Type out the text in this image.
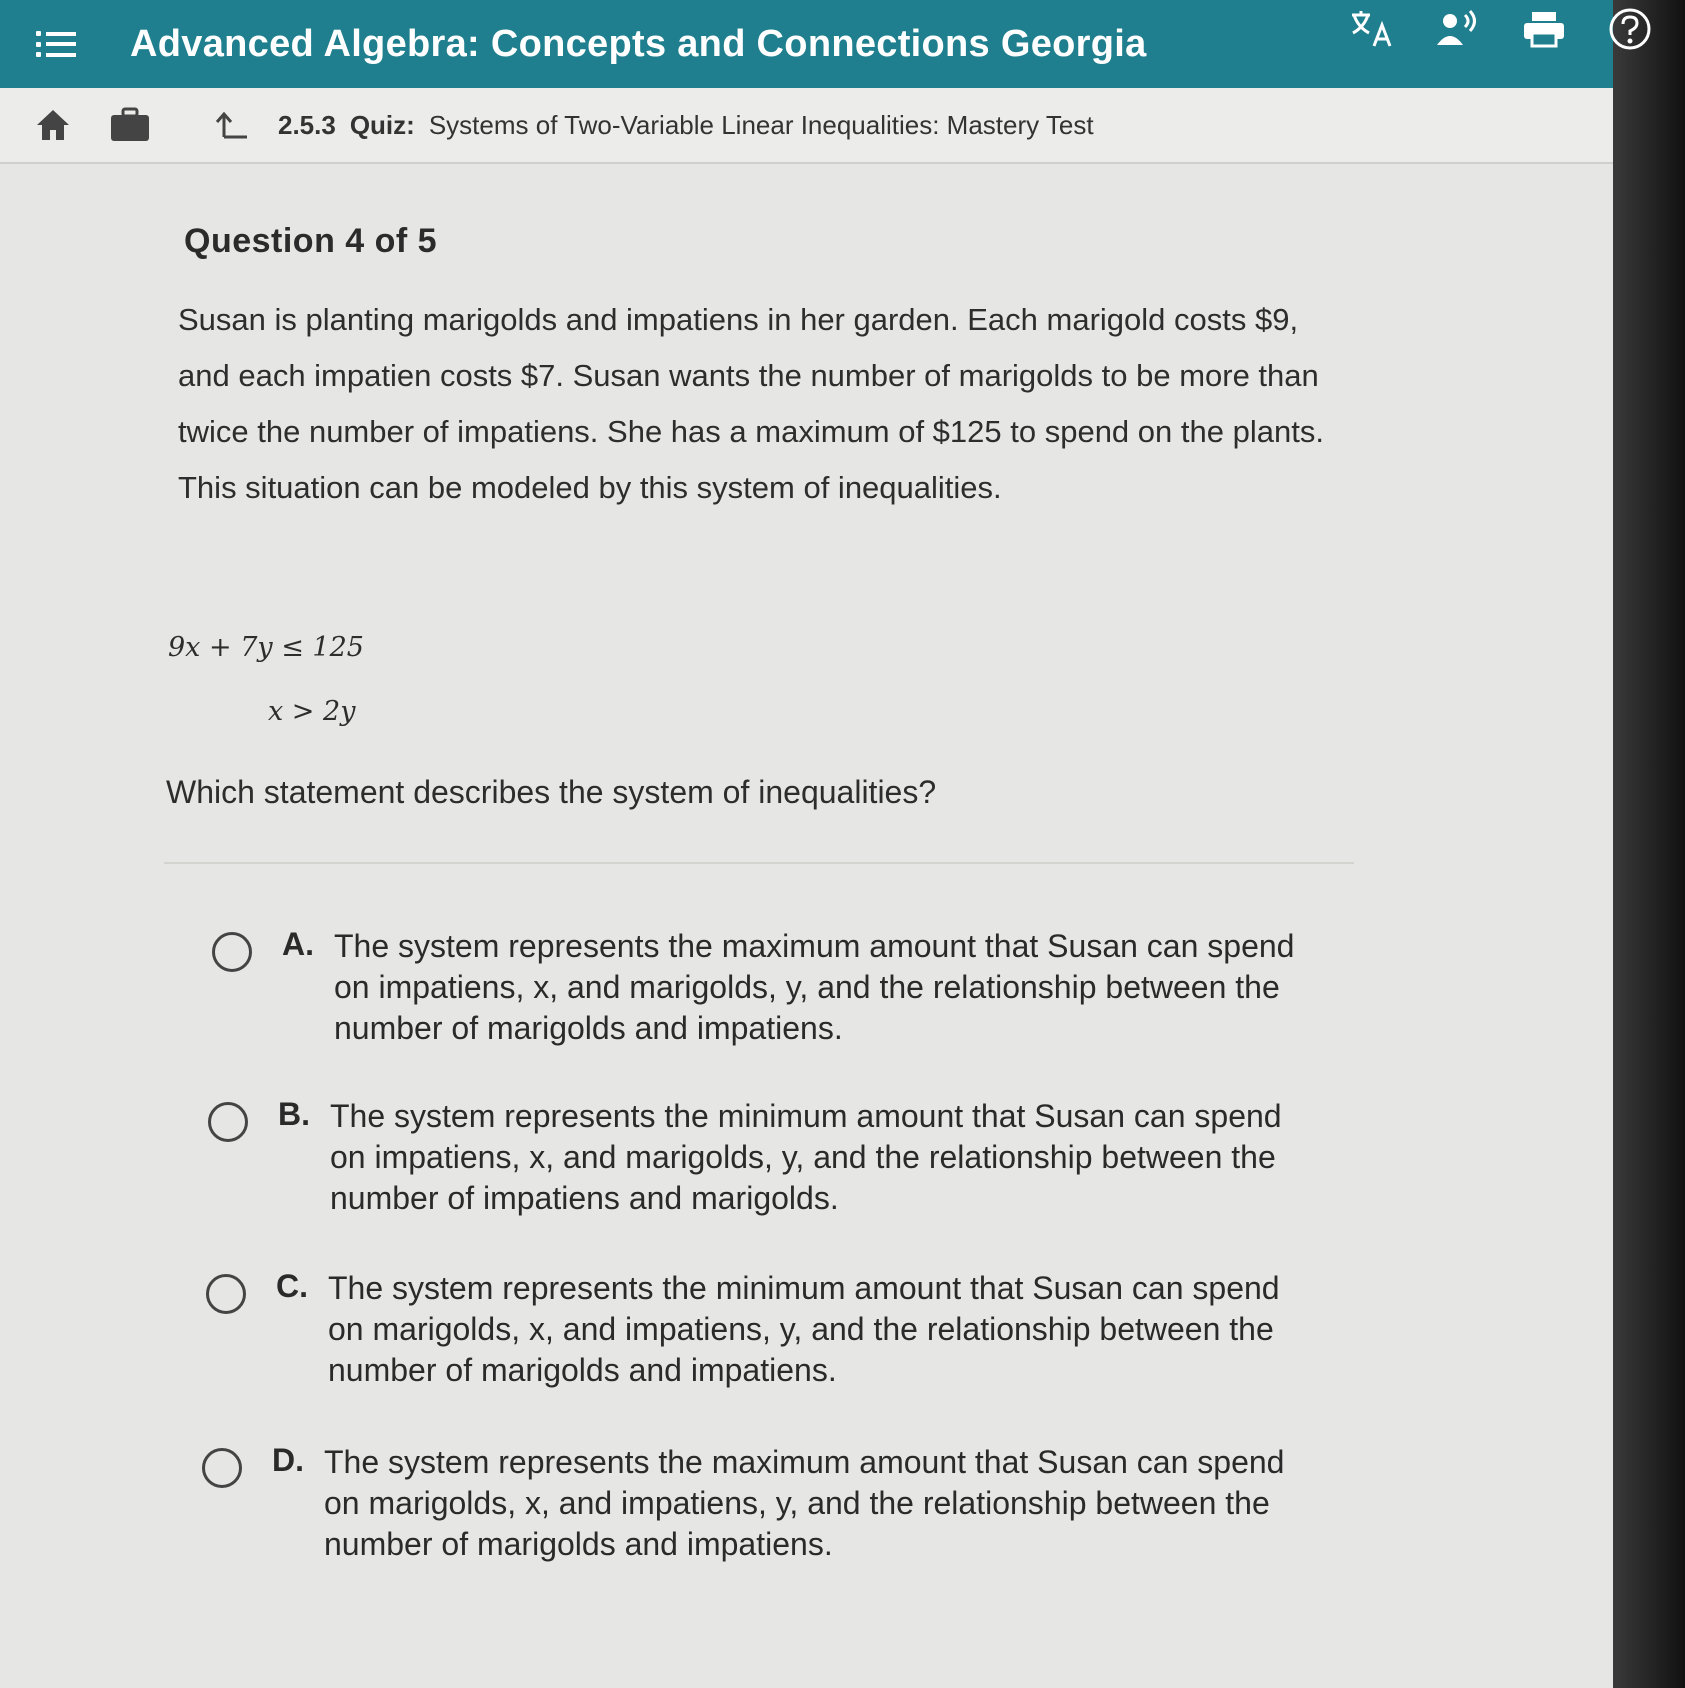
Advanced Algebra: Concepts and Connections Georgia
2.5.3 Quiz: Systems of Two-Variable Linear Inequalities: Mastery Test
Question 4 of 5
Susan is planting marigolds and impatiens in her garden. Each marigold costs $9, and each impatien costs $7. Susan wants the number of marigolds to be more than twice the number of impatiens. She has a maximum of $125 to spend on the plants. This situation can be modeled by this system of inequalities.
9x + 7y ≤ 125
x > 2y
Which statement describes the system of inequalities?
A. The system represents the maximum amount that Susan can spend on impatiens, x, and marigolds, y, and the relationship between the number of marigolds and impatiens.
B. The system represents the minimum amount that Susan can spend on impatiens, x, and marigolds, y, and the relationship between the number of impatiens and marigolds.
C. The system represents the minimum amount that Susan can spend on marigolds, x, and impatiens, y, and the relationship between the number of marigolds and impatiens.
D. The system represents the maximum amount that Susan can spend on marigolds, x, and impatiens, y, and the relationship between the number of marigolds and impatiens.
